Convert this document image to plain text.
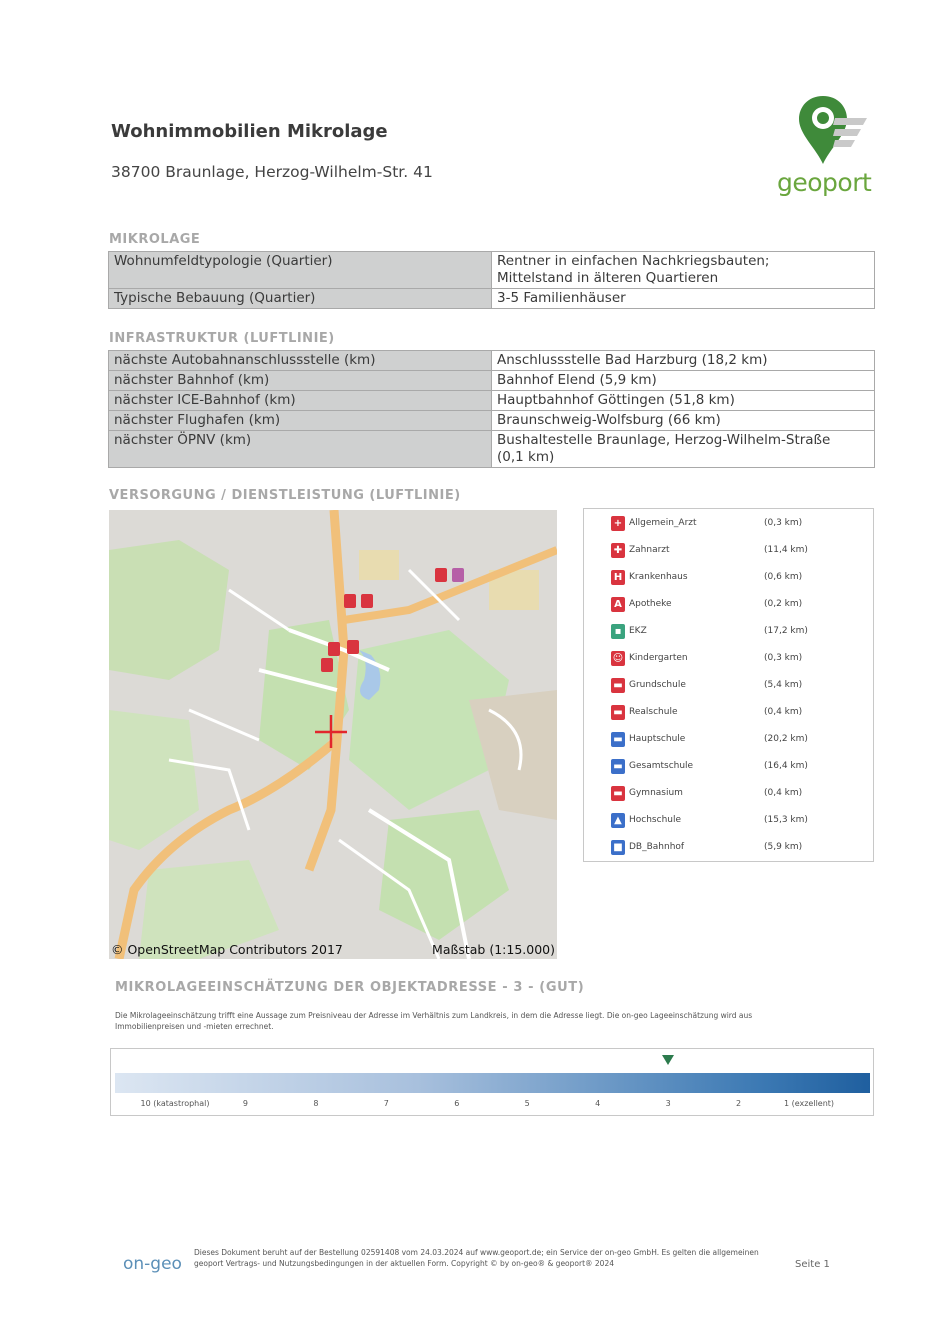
Wohnimmobilien Mikrolage
38700 Braunlage, Herzog-Wilhelm-Str. 41	geoport
MIKROLAGE
Wohnumfeldtypologie (Quartier)	Rentner in einfachen Nachkriegsbauten;
Mittelstand in älteren Quartieren
Typische Bebauung (Quartier)	3-5 Familienhäuser
INFRASTRUKTUR (LUFTLINIE)
nächste Autobahnanschlussstelle (km)	Anschlussstelle Bad Harzburg (18,2 km)
nächster Bahnhof (km)	Bahnhof Elend (5,9 km)
nächster ICE-Bahnhof (km)	Hauptbahnhof Göttingen (51,8 km)
nächster Flughafen (km)	Braunschweig-Wolfsburg (66 km)
nächster ÖPNV (km)	Bushaltestelle Braunlage, Herzog-Wilhelm-Straße
(0,1 km)
VERSORGUNG / DIENSTLEISTUNG (LUFTLINIE)
© OpenStreetMap Contributors 2017	Maßstab (1:15.000)
+ Allgemein_Arzt	(0,3 km)
✚ Zahnarzt	(11,4 km)
H Krankenhaus	(0,6 km)
A Apotheke	(0,2 km)
▪ EKZ	(17,2 km)
☺ Kindergarten	(0,3 km)
▬ Grundschule	(5,4 km)
▬ Realschule	(0,4 km)
▬ Hauptschule	(20,2 km)
▬ Gesamtschule	(16,4 km)
▬ Gymnasium	(0,4 km)
▲ Hochschule	(15,3 km)
■ DB_Bahnhof	(5,9 km)
MIKROLAGEEINSCHÄTZUNG DER OBJEKTADRESSE - 3 - (GUT)
Die Mikrolageeinschätzung trifft eine Aussage zum Preisniveau der Adresse im Verhältnis zum Landkreis, in dem die Adresse liegt. Die on-geo Lageeinschätzung wird aus Immobilienpreisen und -mieten errechnet.
10 (katastrophal)	9	8	7	6	5	4	3	2	1 (exzellent)
on-geo
Dieses Dokument beruht auf der Bestellung 02591408 vom 24.03.2024 auf www.geoport.de; ein Service der on-geo GmbH. Es gelten die allgemeinen geoport Vertrags- und Nutzungsbedingungen in der aktuellen Form. Copyright © by on-geo® & geoport® 2024	Seite 1
